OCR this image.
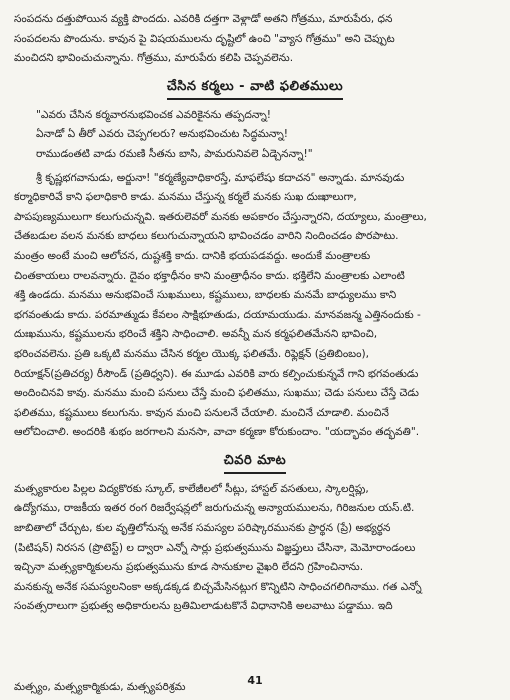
సంపదను దత్తుపోయిన వ్యక్తి పొందదు. ఎవరికి దత్తగా వెళ్లాడో అతని గోత్రము, మారుపేరు, ధన
సంపదలను పొందును. కావున పై విషయములను దృష్టిలో ఉంచి "వ్యాస గోత్రము" అని చెప్పుట
మంచిదని భావించుచున్నాను. గోత్రము, మారుపేరు కలిపి చెప్పవలెను.
చేసిన కర్మలు - వాటి ఫలితములు
"ఎవరు చేసిన కర్మవారనుభవించక ఎవరికైనను తప్పదన్నా!
ఏనాడో ఏ తీరో ఎవరు చెప్పగలరు? అనుభవించుట సిద్ధమన్నా!
రాముడంతటి వాడు రమణి సీతను బాసి, పామరునివలె ఏడ్చెనన్నా!"
శ్రీ కృష్ణభగవానుడు, అర్జునా! "కర్మణ్యేవాధికారస్తే, మాఫలేషు కదాచన" అన్నాడు. మానవుడు
కర్మాధికారివే కాని ఫలాధికారి కాడు. మనము చేస్తున్న కర్మలే మనకు సుఖ దుఃఖాలుగా,
పాపపుణ్యములుగా కలుగుచున్నవి. ఇతరులెవరో మనకు అపకారం చేస్తున్నారని, దయ్యాలు, మంత్రాలు,
చేతబడుల వలన మనకు బాధలు కలుగుచున్నాయని భావించడం వారిని నిందించడం పొరపాటు.
మంత్రం అంటే మంచి ఆలోచన, దుష్టశక్తి కాదు. దానికి భయపడవద్దు. అందుకే మంత్రాలకు
చింతకాయలు రాలవన్నారు. దైవం భక్తాధీనం కాని మంత్రాధీనం కాదు. భక్తిలేని మంత్రాలకు ఎలాంటి
శక్తి ఉండదు. మనము అనుభవించే సుఖములు, కష్టములు, బాధలకు మనమే బాధ్యులము కాని
భగవంతుడు కాదు. పరమాత్ముడు కేవలం సాక్షిభూతుడు, దయామయుడు. మానవజన్మ ఎత్తినందుకు -
దుఃఖమును, కష్టములను భరించే శక్తిని సాధించాలి. అవన్నీ మన కర్మఫలితమేనని భావించి,
భరించవలెను. ప్రతి ఒక్కటి మనము చేసిన కర్మల యొక్క ఫలితమే. రిఫ్లెక్షన్ (ప్రతిబింబం),
రియాక్షన్(ప్రతిచర్య) రీసౌండ్ (ప్రతిధ్వని). ఈ మూడు ఎవరికి వారు కల్పించుకున్నవే గాని భగవంతుడు
అందించినవి కావు. మనము మంచి పనులు చేస్తే మంచి ఫలితము, సుఖము; చెడు పనులు చేస్తే చెడు
ఫలితము, కష్టములు కలుగును. కావున మంచి పనులనే చేయాలి. మంచినే చూడాలి. మంచినే
ఆలోచించాలి. అందరికి శుభం జరగాలని మనసా, వాచా కర్మణా కోరుకుందాం. "యద్భావం తద్భవతి".
చివరి మాట
మత్స్యకారుల పిల్లల విద్యకొరకు స్కూల్, కాలేజీలలో సీట్లు, హాస్టల్ వసతులు, స్కాలర్షిప్లు,
ఉద్యోగము, రాజకీయ ఇతర రంగ రిజర్వేషన్లలో జరుగుచున్న అన్యాయములను, గిరిజనుల యస్.టి.
జాబితాలో చేర్చుట, కుల వృత్తిలోనున్న అనేక సమస్యల పరిష్కారమునకు ప్రార్థన (ప్రే) అభ్యర్థన
(పిటిషన్) నిరసన (ప్రొటెస్ట్) ల ద్వారా ఎన్నో సార్లు ప్రభుత్వమును విజ్ఞప్తులు చేసినా, మెమోరాండంలు
ఇచ్చినా మత్స్యకార్మికులను ప్రభుత్వమును కూడ సానుకూల వైఖరి లేదని గ్రహించినాను.
మనకున్న అనేక సమస్యలనింకా అక్కడక్కడ బిచ్చమేసినట్లుగ కొన్నిటిని సాధించగలిగినాము. గత ఎన్నో
సంవత్సరాలుగా ప్రభుత్వ అధికారులను బ్రతిమిలాడుటకొనే విధానానికి అలవాటు పడ్డాము. ఇది
41
మత్స్యం, మత్స్యకార్మికుడు, మత్స్యపరిశ్రమ
